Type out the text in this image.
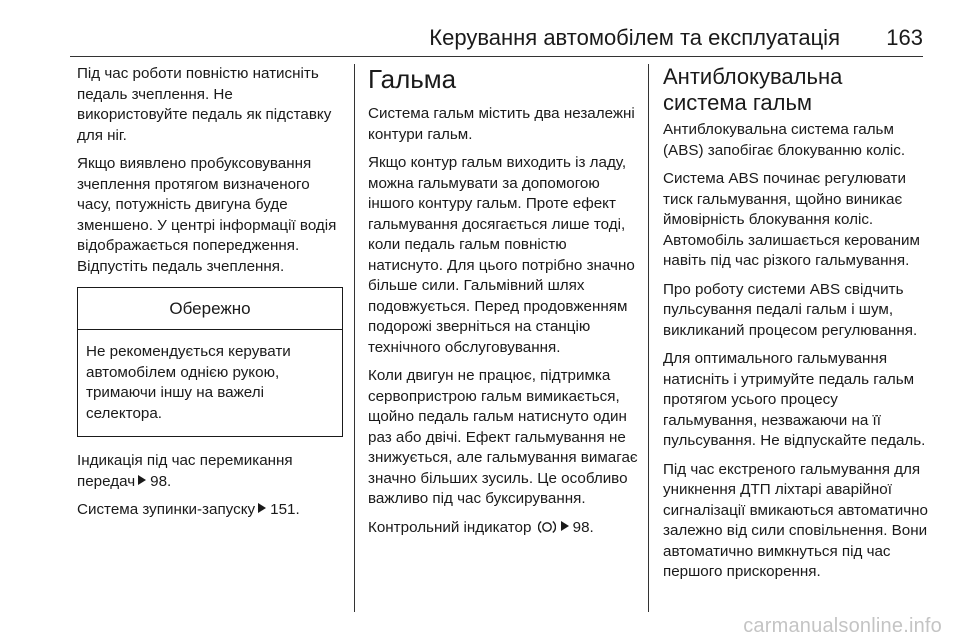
Керування автомобілем та експлуатація 163

Під час роботи повністю натисніть педаль зчеплення. Не використовуйте педаль як підставку для ніг.

Якщо виявлено пробуксовування зчеплення протягом визначеного часу, потужність двигуна буде зменшено. У центрі інформації водія відображається попередження. Відпустіть педаль зчеплення.

Обережно
Не рекомендується керувати автомобілем однією рукою, тримаючи іншу на важелі селектора.

Індикація під час перемикання передач 98.

Система зупинки-запуску 151.

Гальма

Система гальм містить два незалежні контури гальм.

Якщо контур гальм виходить із ладу, можна гальмувати за допомогою іншого контуру гальм. Проте ефект гальмування досягається лише тоді, коли педаль гальм повністю натиснуто. Для цього потрібно значно більше сили. Гальмівний шлях подовжується. Перед продовженням подорожі зверніться на станцію технічного обслуговування.

Коли двигун не працює, підтримка сервопристрою гальм вимикається, щойно педаль гальм натиснуто один раз або двічі. Ефект гальмування не знижується, але гальмування вимагає значно більших зусиль. Це особливо важливо під час буксирування.

Контрольний індикатор	98.

Антиблокувальна система гальм

Антиблокувальна система гальм (ABS) запобігає блокуванню коліс.

Система ABS починає регулювати тиск гальмування, щойно виникає ймовірність блокування коліс. Автомобіль залишається керованим навіть під час різкого гальмування.

Про роботу системи ABS свідчить пульсування педалі гальм і шум, викликаний процесом регулювання.

Для оптимального гальмування натисніть і утримуйте педаль гальм протягом усього процесу гальмування, незважаючи на її пульсування. Не відпускайте педаль.

Під час екстреного гальмування для уникнення ДТП ліхтарі аварійної сигналізації вмикаються автоматично залежно від сили сповільнення. Вони автоматично вимкнуться під час першого прискорення.

carmanualsonline.info
